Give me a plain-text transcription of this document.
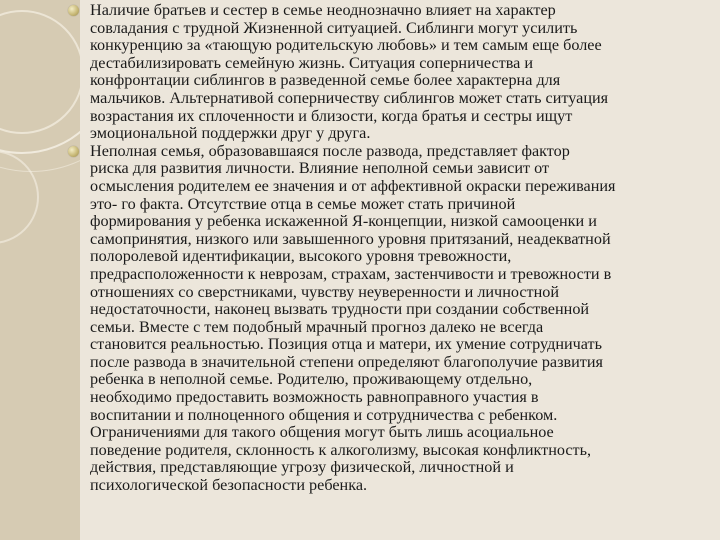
Наличие братьев и сестер в семье неоднозначно влияет на характер
совладания с трудной Жизненной ситуацией. Сиблинги могут усилить
конкуренцию за «тающую родительскую любовь» и тем самым еще более
дестабилизировать семейную жизнь. Ситуация соперничества и
конфронтации сиблингов в разведенной семье более характерна для
мальчиков. Альтернативой соперничеству сиблингов может стать ситуация
возрастания их сплоченности и близости, когда братья и сестры ищут
эмоциональной поддержки друг у друга.
Неполная семья, образовавшаяся после развода, представляет фактор
риска для развития личности. Влияние неполной семьи зависит от
осмысления родителем ее значения и от аффективной окраски переживания
это- го факта. Отсутствие отца в семье может стать причиной
формирования у ребенка искаженной Я-концепции, низкой самооценки и
самопринятия, низкого или завышенного уровня притязаний, неадекватной
полоролевой идентификации, высокого уровня тревожности,
предрасположенности к неврозам, страхам, застенчивости и тревожности в
отношениях со сверстниками, чувству неуверенности и личностной
недостаточности, наконец вызвать трудности при создании собственной
семьи. Вместе с тем подобный мрачный прогноз далеко не всегда
становится реальностью. Позиция отца и матери, их умение сотрудничать
после развода в значительной степени определяют благополучие развития
ребенка в неполной семье. Родителю, проживающему отдельно,
необходимо предоставить возможность равноправного участия в
воспитании и полноценного общения и сотрудничества с ребенком.
Ограничениями для такого общения могут быть лишь асоциальное
поведение родителя, склонность к алкоголизму, высокая конфликтность,
действия, представляющие угрозу физической, личностной и
психологической безопасности ребенка.
